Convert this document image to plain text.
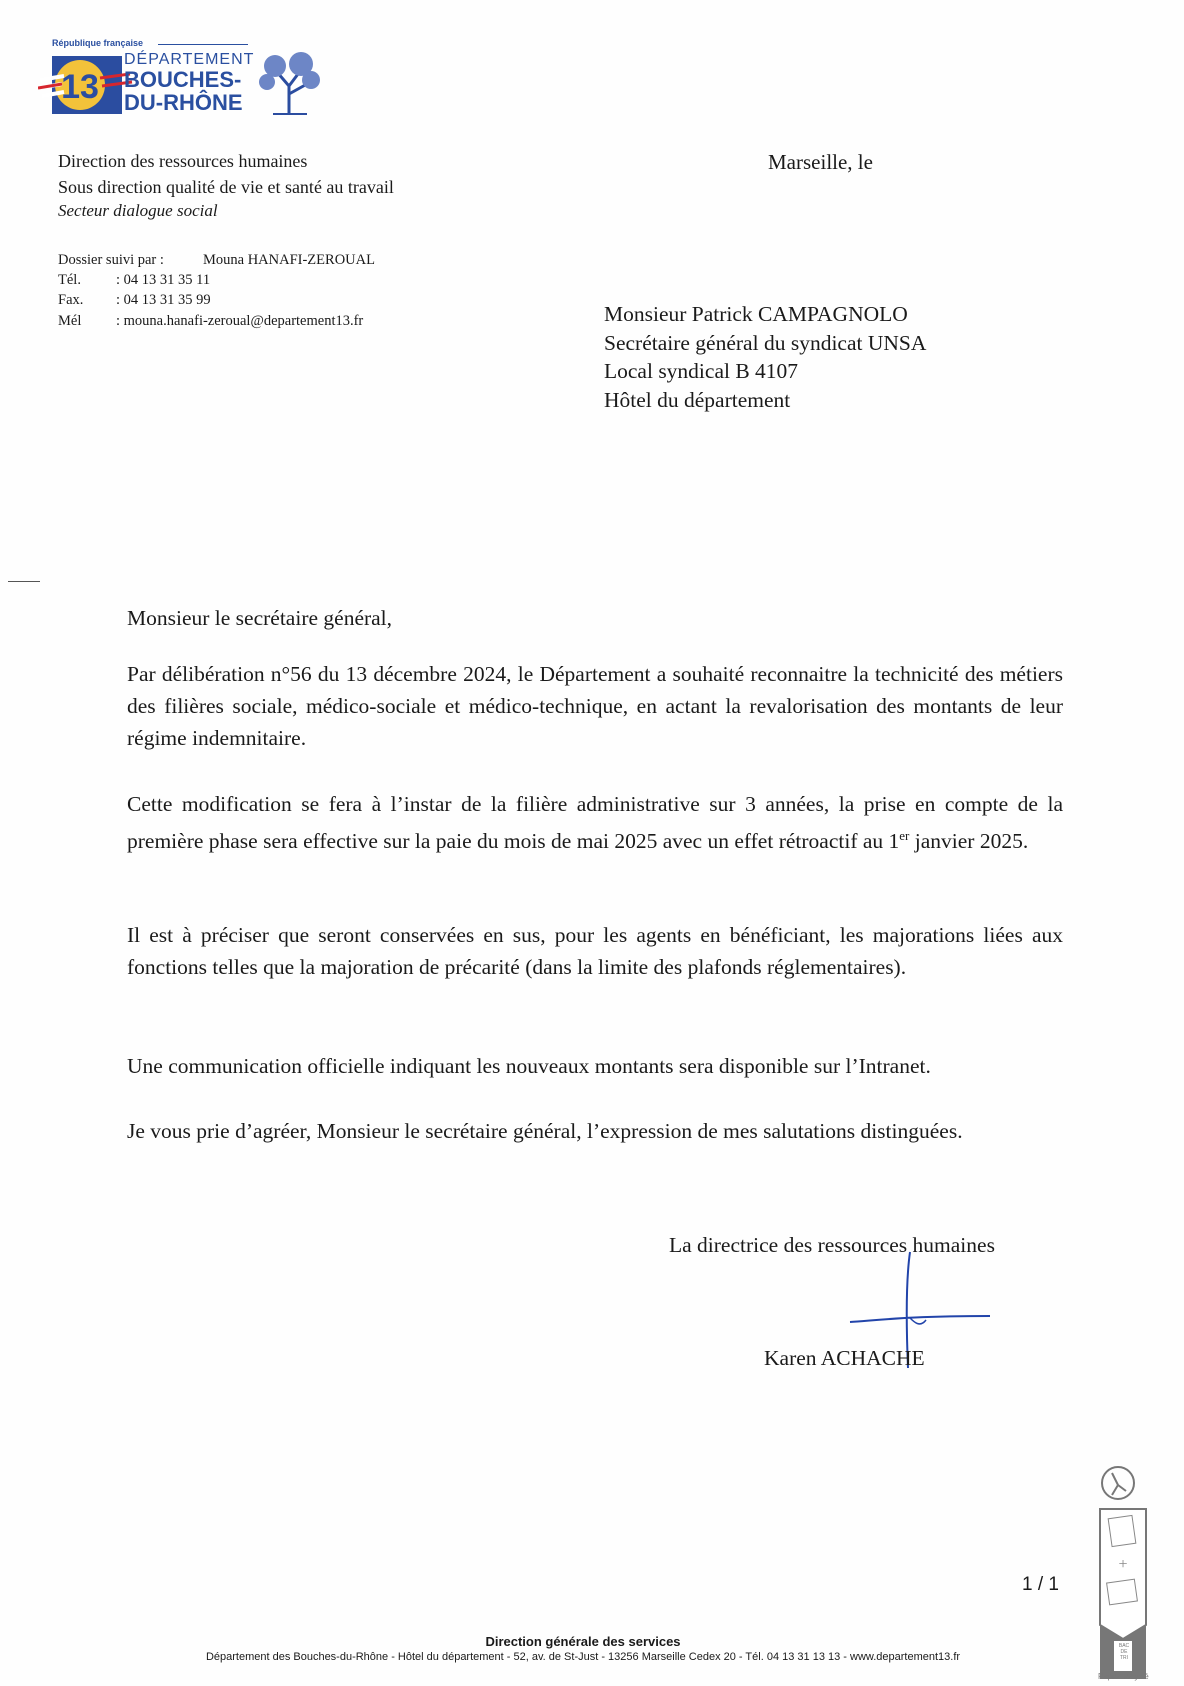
République française
13
DÉPARTEMENT
BOUCHES-
DU-RHÔNE
Direction des ressources humaines
Sous direction qualité de vie et santé au travail
Secteur dialogue social
Dossier suivi par :	Mouna HANAFI-ZEROUAL
Tél. : 04 13 31 35 11
Fax. : 04 13 31 35 99
Mél : mouna.hanafi-zeroual@departement13.fr
Marseille, le
Monsieur Patrick CAMPAGNOLO
Secrétaire général du syndicat UNSA
Local syndical B 4107
Hôtel du département
Monsieur le secrétaire général,
Par délibération n°56 du 13 décembre 2024, le Département a souhaité reconnaitre la technicité des métiers des filières sociale, médico-sociale et médico-technique, en actant la revalorisation des montants de leur régime indemnitaire.
Cette modification se fera à l’instar de la filière administrative sur 3 années, la prise en compte de la première phase sera effective sur la paie du mois de mai 2025 avec un effet rétroactif au 1er janvier 2025.
Il est à préciser que seront conservées en sus, pour les agents en bénéficiant, les majorations liées aux fonctions telles que la majoration de précarité (dans la limite des plafonds réglementaires).
Une communication officielle indiquant les nouveaux montants sera disponible sur l’Intranet.
Je vous prie d’agréer, Monsieur le secrétaire général, l’expression de mes salutations distinguées.
La directrice des ressources humaines
Karen ACHACHE
1 / 1
Direction générale des services
Département des Bouches-du-Rhône - Hôtel du département - 52, av. de St-Just - 13256 Marseille Cedex 20 - Tél. 04 13 31 13 13 - www.departement13.fr
+
BAC DE TRI
Papier recyclé
